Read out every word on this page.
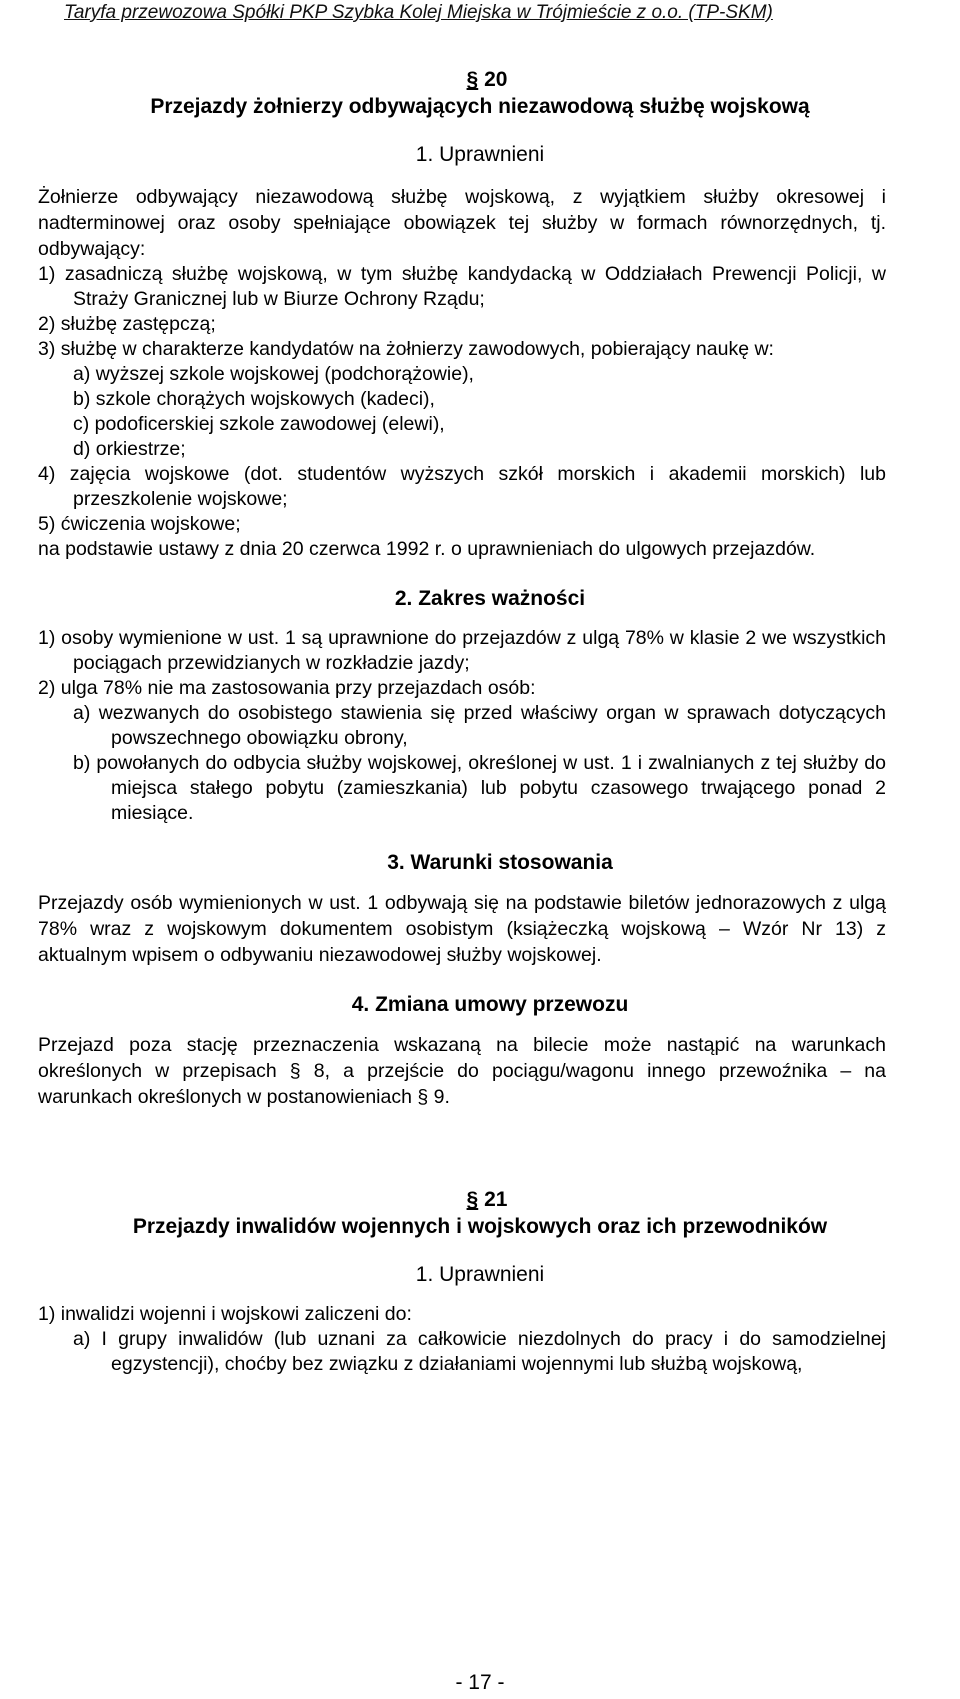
Taryfa przewozowa Spółki PKP Szybka Kolej Miejska w Trójmieście z o.o. (TP-SKM)
§ 20
Przejazdy żołnierzy odbywających niezawodową służbę wojskową
1. Uprawnieni
Żołnierze odbywający niezawodową służbę wojskową, z wyjątkiem służby okresowej i nadterminowej oraz osoby spełniające obowiązek tej służby w formach równorzędnych, tj. odbywający:
1) zasadniczą służbę wojskową, w tym służbę kandydacką w Oddziałach Prewencji Policji, w Straży Granicznej lub w Biurze Ochrony Rządu;
2) służbę zastępczą;
3) służbę w charakterze kandydatów na żołnierzy zawodowych, pobierający naukę w:
a) wyższej szkole wojskowej (podchorążowie),
b) szkole chorążych wojskowych (kadeci),
c) podoficerskiej szkole zawodowej (elewi),
d) orkiestrze;
4) zajęcia wojskowe (dot. studentów wyższych szkół morskich i akademii morskich) lub przeszkolenie wojskowe;
5) ćwiczenia wojskowe;
na podstawie ustawy z dnia 20 czerwca 1992 r. o uprawnieniach do ulgowych przejazdów.
2. Zakres ważności
1) osoby wymienione w ust. 1 są uprawnione do przejazdów z ulgą 78% w klasie 2 we wszystkich pociągach przewidzianych w rozkładzie jazdy;
2) ulga 78% nie ma zastosowania przy przejazdach osób:
a) wezwanych do osobistego stawienia się przed właściwy organ w sprawach dotyczących powszechnego obowiązku obrony,
b) powołanych do odbycia służby wojskowej, określonej w ust. 1 i zwalnianych z tej służby do miejsca stałego pobytu (zamieszkania) lub pobytu czasowego trwającego ponad 2 miesiące.
3. Warunki stosowania
Przejazdy osób wymienionych w ust. 1 odbywają się na podstawie biletów jednorazowych z ulgą 78% wraz z wojskowym dokumentem osobistym (książeczką wojskową – Wzór Nr 13) z aktualnym wpisem o odbywaniu niezawodowej służby wojskowej.
4. Zmiana umowy przewozu
Przejazd poza stację przeznaczenia wskazaną na bilecie może nastąpić na warunkach określonych w przepisach § 8, a przejście do pociągu/wagonu innego przewoźnika – na warunkach określonych w postanowieniach § 9.
§ 21
Przejazdy inwalidów wojennych i wojskowych oraz ich przewodników
1. Uprawnieni
1) inwalidzi wojenni i wojskowi zaliczeni do:
a) I grupy inwalidów (lub uznani za całkowicie niezdolnych do pracy i do samodzielnej egzystencji), choćby bez związku z działaniami wojennymi lub służbą wojskową,
- 17 -
